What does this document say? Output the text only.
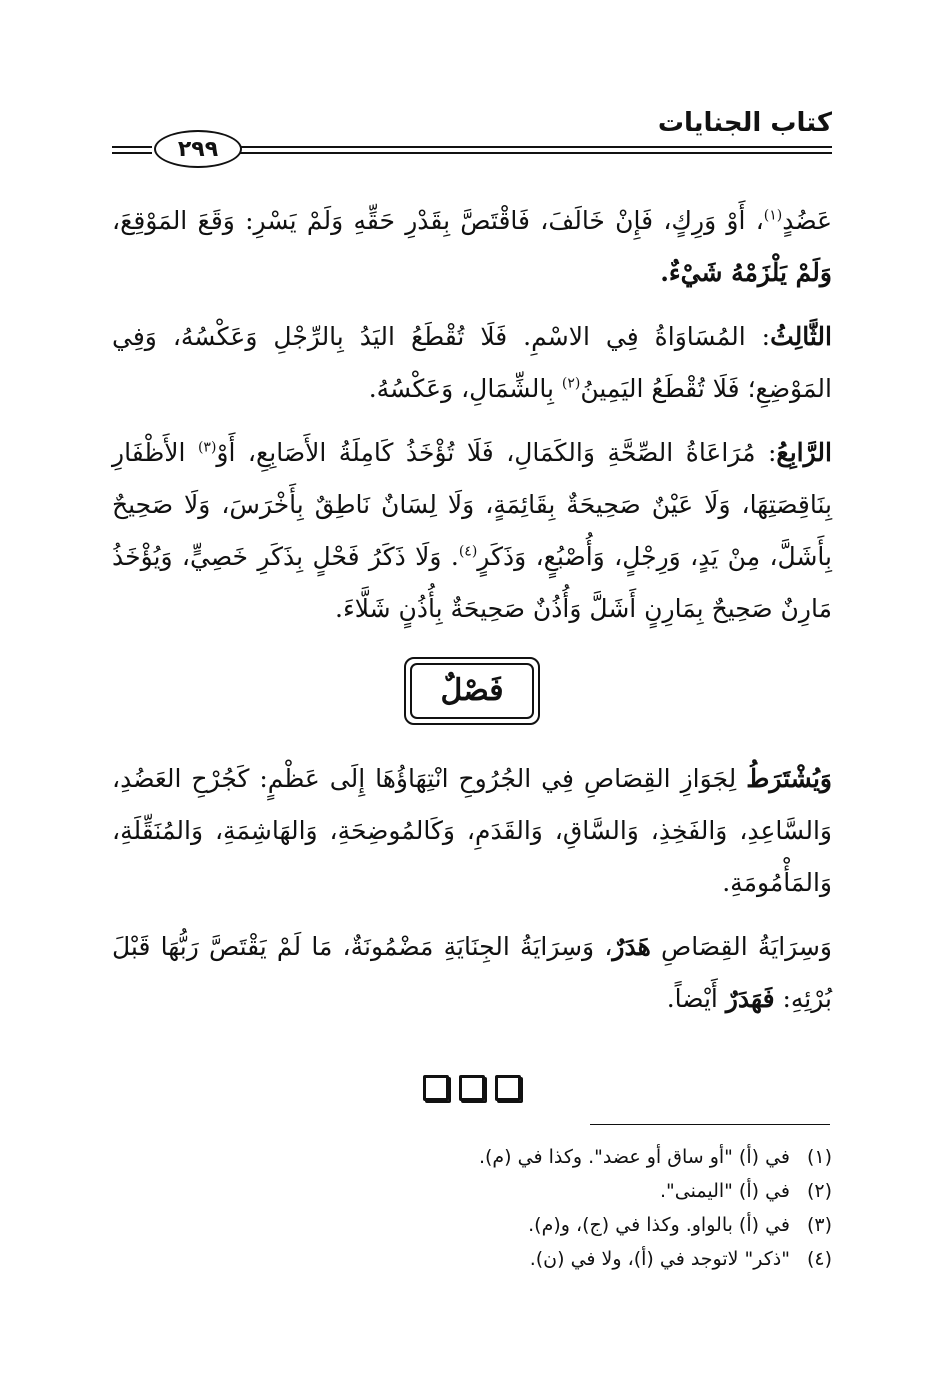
كتاب الجنايات
٢٩٩

عَضُدٍ$^{(١)}$، أَوْ وَرِكٍ، فَإِنْ خَالَفَ، فَاقْتَصَّ بِقَدْرِ حَقِّهِ وَلَمْ يَسْرِ: وَقَعَ المَوْقِعَ، وَلَمْ يَلْزَمْهُ شَيْءٌ.

الثَّالِثُ: المُسَاوَاةُ فِي الاسْمِ. فَلَا تُقْطَعُ اليَدُ بِالرِّجْلِ وَعَكْسُهُ، وَفِي المَوْضِعِ؛ فَلَا تُقْطَعُ اليَمِينُ$^{(٢)}$ بِالشِّمَالِ، وَعَكْسُهُ.

الرَّابِعُ: مُرَاعَاةُ الصِّحَّةِ وَالكَمَالِ، فَلَا تُؤْخَذُ كَامِلَةُ الأَصَابِعِ، أَوْ$^{(٣)}$ الأَظْفَارِ بِنَاقِصَتِهَا، وَلَا عَيْنٌ صَحِيحَةٌ بِقَائِمَةٍ، وَلَا لِسَانٌ نَاطِقٌ بِأَخْرَسَ، وَلَا صَحِيحٌ بِأَشَلَّ، مِنْ يَدٍ، وَرِجْلٍ، وَأُصْبُعٍ، وَذَكَرٍ$^{(٤)}$. وَلَا ذَكَرُ فَحْلٍ بِذَكَرِ خَصِيٍّ، وَيُؤْخَذُ مَارِنٌ صَحِيحٌ بِمَارِنٍ أَشَلَّ وَأُذُنٌ صَحِيحَةٌ بِأُذُنٍ شَلَّاءَ.

فَصْلٌ

وَيُشْتَرَطُ لِجَوَازِ القِصَاصِ فِي الجُرُوحِ انْتِهَاؤُهَا إِلَى عَظْمٍ: كَجُرْحِ العَضُدِ، وَالسَّاعِدِ، وَالفَخِذِ، وَالسَّاقِ، وَالقَدَمِ، وَكَالمُوضِحَةِ، وَالهَاشِمَةِ، وَالمُنَقِّلَةِ، وَالمَأْمُومَةِ.

وَسِرَايَةُ القِصَاصِ هَدَرٌ، وَسِرَايَةُ الجِنَايَةِ مَضْمُونَةٌ، مَا لَمْ يَقْتَصَّ رَبُّهَا قَبْلَ بُرْئِهِ: فَهَدَرٌ أَيْضاً.

(١)في (أ) "أو ساق أو عضد". وكذا في (م).
(٢)في (أ) "اليمنى".
(٣)في (أ) بالواو. وكذا في (ج)، و(م).
(٤)"ذكر" لاتوجد في (أ)، ولا في (ن).
